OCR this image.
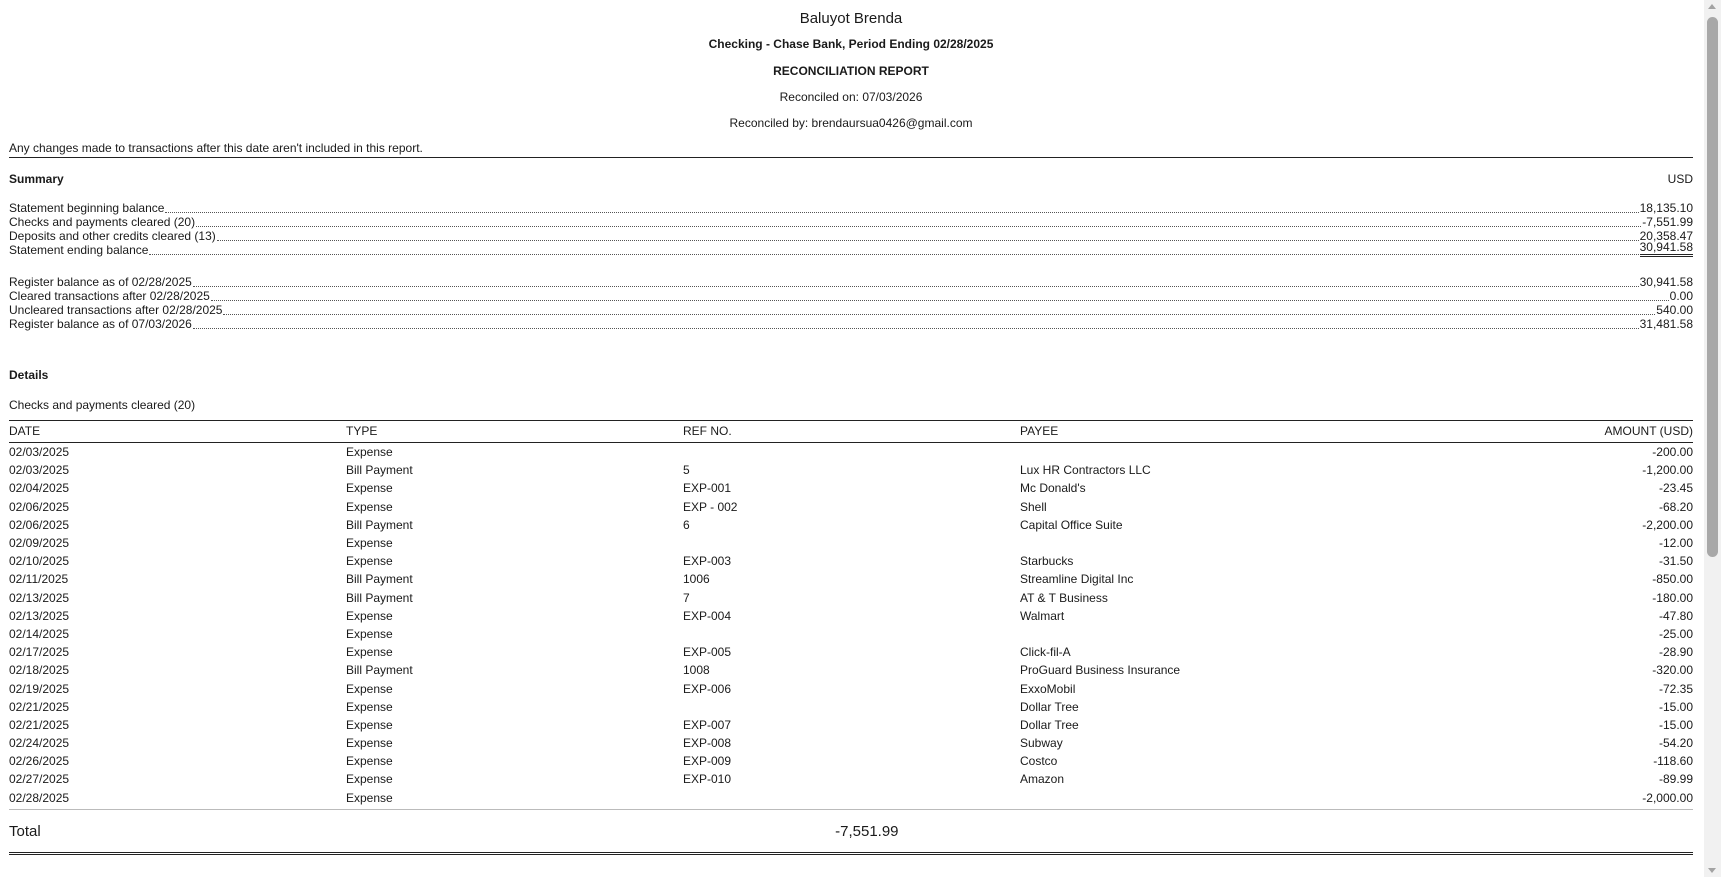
Baluyot Brenda
Checking - Chase Bank, Period Ending 02/28/2025
RECONCILIATION REPORT
Reconciled on: 07/03/2026
Reconciled by: brendaursua0426@gmail.com
Any changes made to transactions after this date aren't included in this report.
Summary	USD
Statement beginning balance	18,135.10
Checks and payments cleared (20)	-7,551.99
Deposits and other credits cleared (13)	20,358.47
Statement ending balance	30,941.58
Register balance as of 02/28/2025	30,941.58
Cleared transactions after 02/28/2025	0.00
Uncleared transactions after 02/28/2025	540.00
Register balance as of 07/03/2026	31,481.58
Details
Checks and payments cleared (20)
DATE	TYPE	REF NO.	PAYEE	AMOUNT (USD)
02/03/2025	Expense			-200.00
02/03/2025	Bill Payment	5	Lux HR Contractors LLC	-1,200.00
02/04/2025	Expense	EXP-001	Mc Donald's	-23.45
02/06/2025	Expense	EXP - 002	Shell	-68.20
02/06/2025	Bill Payment	6	Capital Office Suite	-2,200.00
02/09/2025	Expense			-12.00
02/10/2025	Expense	EXP-003	Starbucks	-31.50
02/11/2025	Bill Payment	1006	Streamline Digital Inc	-850.00
02/13/2025	Bill Payment	7	AT & T Business	-180.00
02/13/2025	Expense	EXP-004	Walmart	-47.80
02/14/2025	Expense			-25.00
02/17/2025	Expense	EXP-005	Click-fil-A	-28.90
02/18/2025	Bill Payment	1008	ProGuard Business Insurance	-320.00
02/19/2025	Expense	EXP-006	ExxoMobil	-72.35
02/21/2025	Expense		Dollar Tree	-15.00
02/21/2025	Expense	EXP-007	Dollar Tree	-15.00
02/24/2025	Expense	EXP-008	Subway	-54.20
02/26/2025	Expense	EXP-009	Costco	-118.60
02/27/2025	Expense	EXP-010	Amazon	-89.99
02/28/2025	Expense			-2,000.00
Total	-7,551.99
